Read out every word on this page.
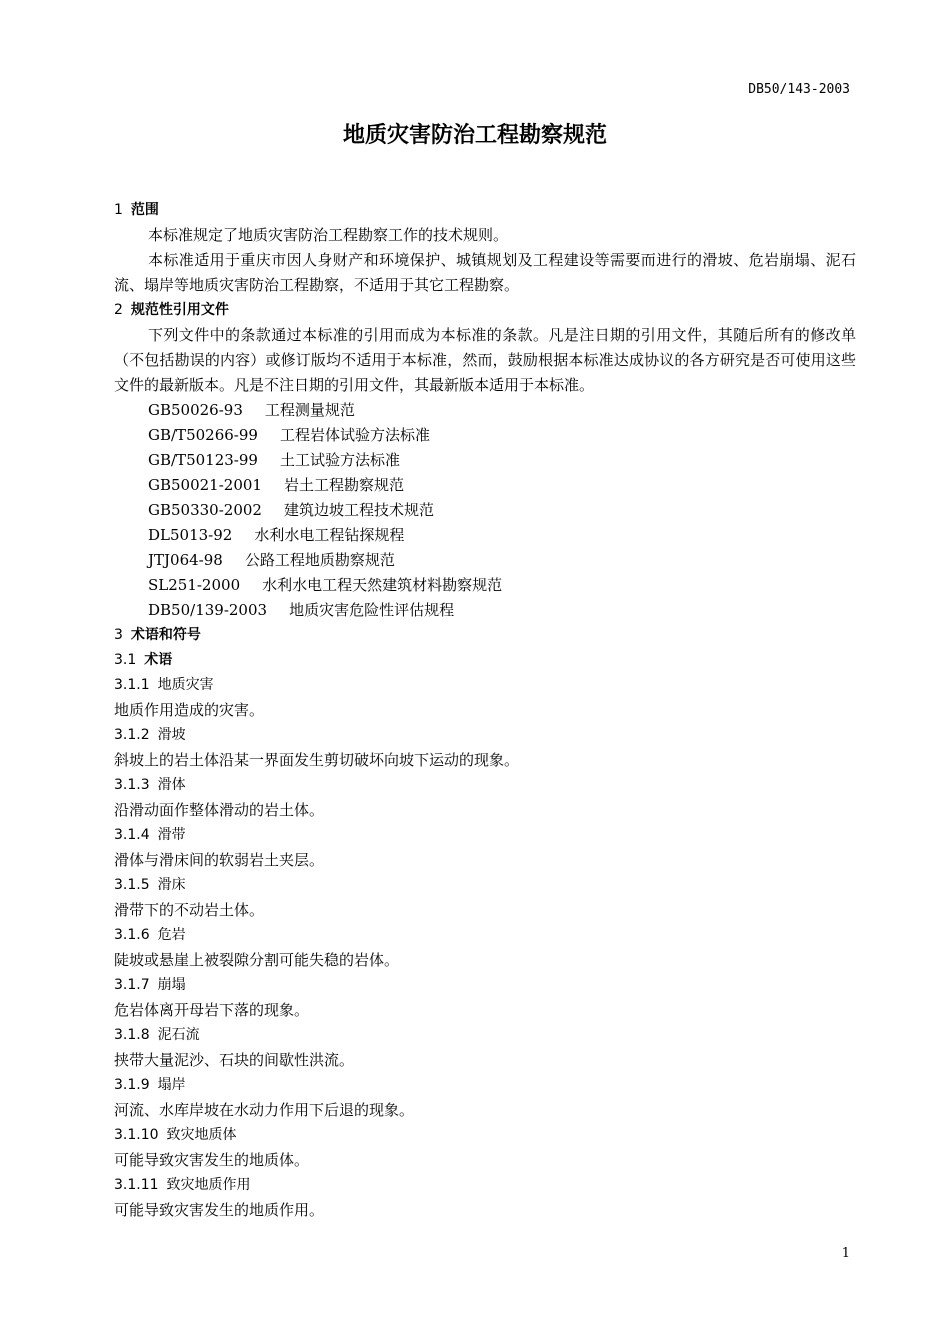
DB50/143-2003
地质灾害防治工程勘察规范
1 范围
本标准规定了地质灾害防治工程勘察工作的技术规则。

本标准适用于重庆市因人身财产和环境保护、城镇规划及工程建设等需要而进行的滑坡、危岩崩塌、泥石流、塌岸等地质灾害防治工程勘察，不适用于其它工程勘察。

2 规范性引用文件

下列文件中的条款通过本标准的引用而成为本标准的条款。凡是注日期的引用文件，其随后所有的修改单（不包括勘误的内容）或修订版均不适用于本标准，然而，鼓励根据本标准达成协议的各方研究是否可使用这些文件的最新版本。凡是不注日期的引用文件，其最新版本适用于本标准。

GB50026-93 工程测量规范
GB/T50266-99 工程岩体试验方法标准
GB/T50123-99 土工试验方法标准
GB50021-2001 岩土工程勘察规范
GB50330-2002 建筑边坡工程技术规范
DL5013-92 水利水电工程钻探规程
JTJ064-98 公路工程地质勘察规范
SL251-2000 水利水电工程天然建筑材料勘察规范
DB50/139-2003 地质灾害危险性评估规程
3 术语和符号
3.1 术语
3.1.1 地质灾害
地质作用造成的灾害。
3.1.2 滑坡
斜坡上的岩土体沿某一界面发生剪切破坏向坡下运动的现象。
3.1.3 滑体
沿滑动面作整体滑动的岩土体。
3.1.4 滑带
滑体与滑床间的软弱岩土夹层。
3.1.5 滑床
滑带下的不动岩土体。
3.1.6 危岩
陡坡或悬崖上被裂隙分割可能失稳的岩体。
3.1.7 崩塌
危岩体离开母岩下落的现象。
3.1.8 泥石流
挟带大量泥沙、石块的间歇性洪流。
3.1.9 塌岸
河流、水库岸坡在水动力作用下后退的现象。
3.1.10 致灾地质体
可能导致灾害发生的地质体。
3.1.11 致灾地质作用
可能导致灾害发生的地质作用。
1
